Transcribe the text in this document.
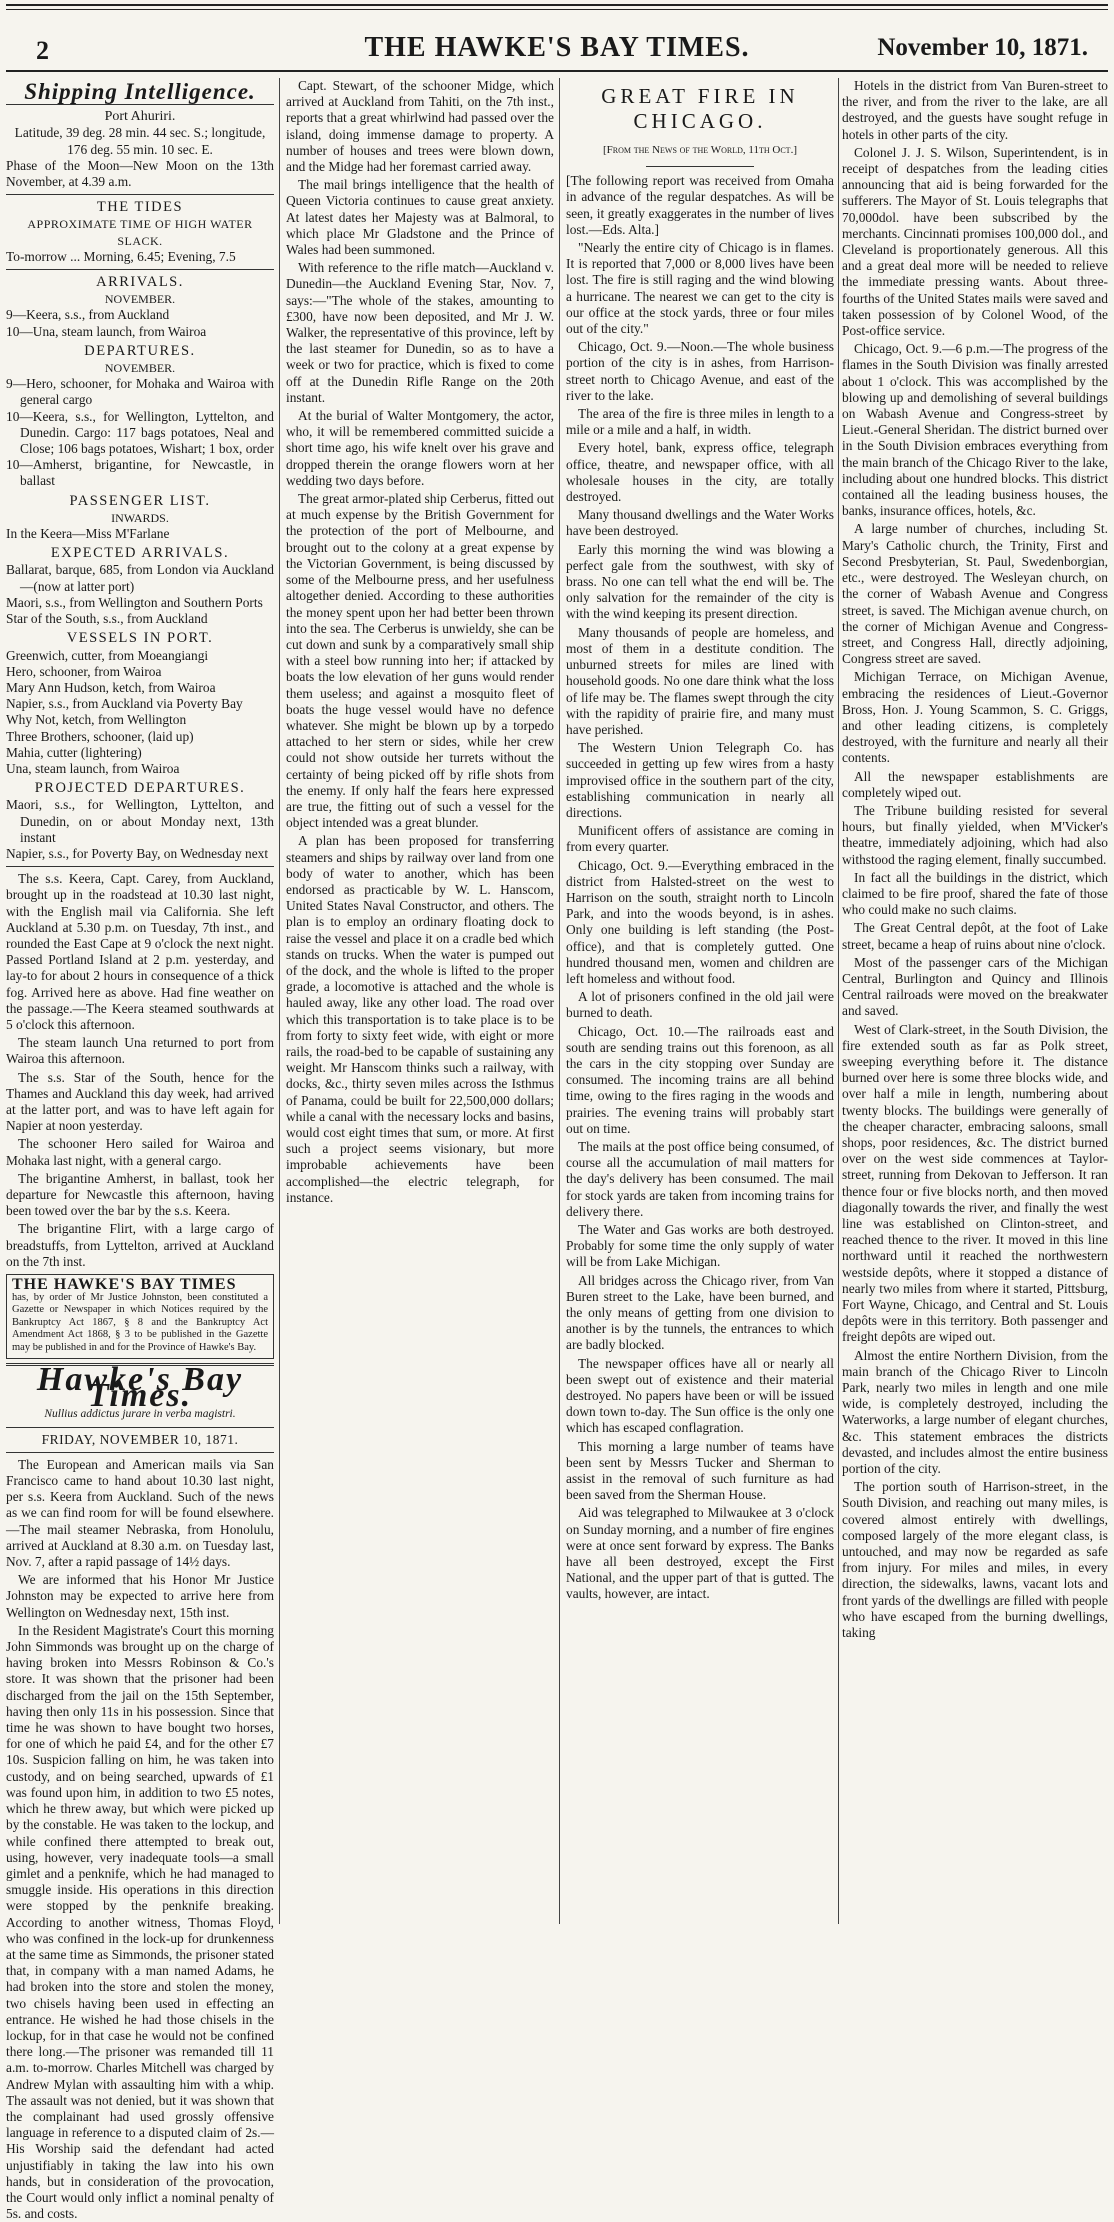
2	THE HAWKE'S BAY TIMES.	November 10, 1871.
Shipping Intelligence.
Port Ahuriri.
Latitude, 39 deg. 28 min. 44 sec. S.; longitude, 176 deg. 55 min. 10 sec. E.
Phase of the Moon—New Moon on the 13th November, at 4.39 a.m.
THE TIDES
APPROXIMATE TIME OF HIGH WATER SLACK.
To-morrow ... Morning, 6.45; Evening, 7.5
ARRIVALS.
NOVEMBER.
9—Keera, s.s., from Auckland
10—Una, steam launch, from Wairoa
DEPARTURES.
NOVEMBER.
9—Hero, schooner, for Mohaka and Wairoa with general cargo
10—Keera, s.s., for Wellington, Lyttelton, and Dunedin. Cargo: 117 bags potatoes, Neal and Close; 106 bags potatoes, Wishart; 1 box, order
10—Amherst, brigantine, for Newcastle, in ballast
PASSENGER LIST.
INWARDS.
In the Keera—Miss M'Farlane
EXPECTED ARRIVALS.
Ballarat, barque, 685, from London via Auckland—(now at latter port)
Maori, s.s., from Wellington and Southern Ports
Star of the South, s.s., from Auckland
VESSELS IN PORT.
Greenwich, cutter, from Moeangiangi
Hero, schooner, from Wairoa
Mary Ann Hudson, ketch, from Wairoa
Napier, s.s., from Auckland via Poverty Bay
Why Not, ketch, from Wellington
Three Brothers, schooner, (laid up)
Mahia, cutter (lightering)
Una, steam launch, from Wairoa
PROJECTED DEPARTURES.
Maori, s.s., for Wellington, Lyttelton, and Dunedin, on or about Monday next, 13th instant
Napier, s.s., for Poverty Bay, on Wednesday next

The s.s. Keera, Capt. Carey, from Auckland, brought up in the roadstead at 10.30 last night, with the English mail via California. She left Auckland at 5.30 p.m. on Tuesday, 7th inst., and rounded the East Cape at 9 o'clock the next night. Passed Portland Island at 2 p.m. yesterday, and lay-to for about 2 hours in consequence of a thick fog. Arrived here as above. Had fine weather on the passage.—The Keera steamed southwards at 5 o'clock this afternoon.

The steam launch Una returned to port from Wairoa this afternoon.

The s.s. Star of the South, hence for the Thames and Auckland this day week, had arrived at the latter port, and was to have left again for Napier at noon yesterday.

The schooner Hero sailed for Wairoa and Mohaka last night, with a general cargo.

The brigantine Amherst, in ballast, took her departure for Newcastle this afternoon, having been towed over the bar by the s.s. Keera.

The brigantine Flirt, with a large cargo of breadstuffs, from Lyttelton, arrived at Auckland on the 7th inst.

THE HAWKE'S BAY TIMES
has, by order of Mr Justice Johnston, been constituted a Gazette or Newspaper in which Notices required by the Bankruptcy Act 1867, § 8 and the Bankruptcy Act Amendment Act 1868, § 3 to be published in the Gazette may be published in and for the Province of Hawke's Bay.
Hawke's Bay Times.
Nullius addictus jurare in verba magistri.
FRIDAY, NOVEMBER 10, 1871.

The European and American mails via San Francisco came to hand about 10.30 last night, per s.s. Keera from Auckland. Such of the news as we can find room for will be found elsewhere. —The mail steamer Nebraska, from Honolulu, arrived at Auckland at 8.30 a.m. on Tuesday last, Nov. 7, after a rapid passage of 14½ days.

We are informed that his Honor Mr Justice Johnston may be expected to arrive here from Wellington on Wednesday next, 15th inst.

In the Resident Magistrate's Court this morning John Simmonds was brought up on the charge of having broken into Messrs Robinson & Co.'s store. It was shown that the prisoner had been discharged from the jail on the 15th September, having then only 11s in his possession. Since that time he was shown to have bought two horses, for one of which he paid £4, and for the other £7 10s. Suspicion falling on him, he was taken into custody, and on being searched, upwards of £1 was found upon him, in addition to two £5 notes, which he threw away, but which were picked up by the constable. He was taken to the lockup, and while confined there attempted to break out, using, however, very inadequate tools—a small gimlet and a penknife, which he had managed to smuggle inside. His operations in this direction were stopped by the penknife breaking. According to another witness, Thomas Floyd, who was confined in the lock-up for drunkenness at the same time as Simmonds, the prisoner stated that, in company with a man named Adams, he had broken into the store and stolen the money, two chisels having been used in effecting an entrance. He wished he had those chisels in the lockup, for in that case he would not be confined there long.—The prisoner was remanded till 11 a.m. to-morrow. Charles Mitchell was charged by Andrew Mylan with assaulting him with a whip. The assault was not denied, but it was shown that the complainant had used grossly offensive language in reference to a disputed claim of 2s.—His Worship said the defendant had acted unjustifiably in taking the law into his own hands, but in consideration of the provocation, the Court would only inflict a nominal penalty of 5s. and costs.

Capt. Stewart, of the schooner Midge, which arrived at Auckland from Tahiti, on the 7th inst., reports that a great whirlwind had passed over the island, doing immense damage to property. A number of houses and trees were blown down, and the Midge had her foremast carried away.

The mail brings intelligence that the health of Queen Victoria continues to cause great anxiety. At latest dates her Majesty was at Balmoral, to which place Mr Gladstone and the Prince of Wales had been summoned.

With reference to the rifle match—Auckland v. Dunedin—the Auckland Evening Star, Nov. 7, says:—"The whole of the stakes, amounting to £300, have now been deposited, and Mr J. W. Walker, the representative of this province, left by the last steamer for Dunedin, so as to have a week or two for practice, which is fixed to come off at the Dunedin Rifle Range on the 20th instant.

At the burial of Walter Montgomery, the actor, who, it will be remembered committed suicide a short time ago, his wife knelt over his grave and dropped therein the orange flowers worn at her wedding two days before.

The great armor-plated ship Cerberus, fitted out at much expense by the British Government for the protection of the port of Melbourne, and brought out to the colony at a great expense by the Victorian Government, is being discussed by some of the Melbourne press, and her usefulness altogether denied. According to these authorities the money spent upon her had better been thrown into the sea. The Cerberus is unwieldy, she can be cut down and sunk by a comparatively small ship with a steel bow running into her; if attacked by boats the low elevation of her guns would render them useless; and against a mosquito fleet of boats the huge vessel would have no defence whatever. She might be blown up by a torpedo attached to her stern or sides, while her crew could not show outside her turrets without the certainty of being picked off by rifle shots from the enemy. If only half the fears here expressed are true, the fitting out of such a vessel for the object intended was a great blunder.

A plan has been proposed for transferring steamers and ships by railway over land from one body of water to another, which has been endorsed as practicable by W. L. Hanscom, United States Naval Constructor, and others. The plan is to employ an ordinary floating dock to raise the vessel and place it on a cradle bed which stands on trucks. When the water is pumped out of the dock, and the whole is lifted to the proper grade, a locomotive is attached and the whole is hauled away, like any other load. The road over which this transportation is to take place is to be from forty to sixty feet wide, with eight or more rails, the road-bed to be capable of sustaining any weight. Mr Hanscom thinks such a railway, with docks, &c., thirty seven miles across the Isthmus of Panama, could be built for 22,500,000 dollars; while a canal with the necessary locks and basins, would cost eight times that sum, or more. At first such a project seems visionary, but more improbable achievements have been accomplished—the electric telegraph, for instance.

GREAT FIRE IN CHICAGO.
[From the News of the World, 11th Oct.]

[The following report was received from Omaha in advance of the regular despatches. As will be seen, it greatly exaggerates in the number of lives lost.—Eds. Alta.]

"Nearly the entire city of Chicago is in flames. It is reported that 7,000 or 8,000 lives have been lost. The fire is still raging and the wind blowing a hurricane. The nearest we can get to the city is our office at the stock yards, three or four miles out of the city."

Chicago, Oct. 9.—Noon.—The whole business portion of the city is in ashes, from Harrison-street north to Chicago Avenue, and east of the river to the lake.

The area of the fire is three miles in length to a mile or a mile and a half, in width.

Every hotel, bank, express office, telegraph office, theatre, and newspaper office, with all wholesale houses in the city, are totally destroyed.

Many thousand dwellings and the Water Works have been destroyed.

Early this morning the wind was blowing a perfect gale from the southwest, with sky of brass. No one can tell what the end will be. The only salvation for the remainder of the city is with the wind keeping its present direction.

Many thousands of people are homeless, and most of them in a destitute condition. The unburned streets for miles are lined with household goods. No one dare think what the loss of life may be. The flames swept through the city with the rapidity of prairie fire, and many must have perished.

The Western Union Telegraph Co. has succeeded in getting up few wires from a hasty improvised office in the southern part of the city, establishing communication in nearly all directions.

Munificent offers of assistance are coming in from every quarter.

Chicago, Oct. 9.—Everything embraced in the district from Halsted-street on the west to Harrison on the south, straight north to Lincoln Park, and into the woods beyond, is in ashes. Only one building is left standing (the Post-office), and that is completely gutted. One hundred thousand men, women and children are left homeless and without food.

A lot of prisoners confined in the old jail were burned to death.

Chicago, Oct. 10.—The railroads east and south are sending trains out this forenoon, as all the cars in the city stopping over Sunday are consumed. The incoming trains are all behind time, owing to the fires raging in the woods and prairies. The evening trains will probably start out on time.

The mails at the post office being consumed, of course all the accumulation of mail matters for the day's delivery has been consumed. The mail for stock yards are taken from incoming trains for delivery there.

The Water and Gas works are both destroyed. Probably for some time the only supply of water will be from Lake Michigan.

All bridges across the Chicago river, from Van Buren street to the Lake, have been burned, and the only means of getting from one division to another is by the tunnels, the entrances to which are badly blocked.

The newspaper offices have all or nearly all been swept out of existence and their material destroyed. No papers have been or will be issued down town to-day. The Sun office is the only one which has escaped conflagration.

This morning a large number of teams have been sent by Messrs Tucker and Sherman to assist in the removal of such furniture as had been saved from the Sherman House.

Aid was telegraphed to Milwaukee at 3 o'clock on Sunday morning, and a number of fire engines were at once sent forward by express. The Banks have all been destroyed, except the First National, and the upper part of that is gutted. The vaults, however, are intact.

Hotels in the district from Van Buren-street to the river, and from the river to the lake, are all destroyed, and the guests have sought refuge in hotels in other parts of the city.

Colonel J. J. S. Wilson, Superintendent, is in receipt of despatches from the leading cities announcing that aid is being forwarded for the sufferers. The Mayor of St. Louis telegraphs that 70,000dol. have been subscribed by the merchants. Cincinnati promises 100,000 dol., and Cleveland is proportionately generous. All this and a great deal more will be needed to relieve the immediate pressing wants. About three-fourths of the United States mails were saved and taken possession of by Colonel Wood, of the Post-office service.

Chicago, Oct. 9.—6 p.m.—The progress of the flames in the South Division was finally arrested about 1 o'clock. This was accomplished by the blowing up and demolishing of several buildings on Wabash Avenue and Congress-street by Lieut.-General Sheridan. The district burned over in the South Division embraces everything from the main branch of the Chicago River to the lake, including about one hundred blocks. This district contained all the leading business houses, the banks, insurance offices, hotels, &c.

A large number of churches, including St. Mary's Catholic church, the Trinity, First and Second Presbyterian, St. Paul, Swedenborgian, etc., were destroyed. The Wesleyan church, on the corner of Wabash Avenue and Congress street, is saved. The Michigan avenue church, on the corner of Michigan Avenue and Congress-street, and Congress Hall, directly adjoining, Congress street are saved.

Michigan Terrace, on Michigan Avenue, embracing the residences of Lieut.-Governor Bross, Hon. J. Young Scammon, S. C. Griggs, and other leading citizens, is completely destroyed, with the furniture and nearly all their contents.

All the newspaper establishments are completely wiped out.

The Tribune building resisted for several hours, but finally yielded, when M'Vicker's theatre, immediately adjoining, which had also withstood the raging element, finally succumbed.

In fact all the buildings in the district, which claimed to be fire proof, shared the fate of those who could make no such claims.

The Great Central depôt, at the foot of Lake street, became a heap of ruins about nine o'clock.

Most of the passenger cars of the Michigan Central, Burlington and Quincy and Illinois Central railroads were moved on the breakwater and saved.

West of Clark-street, in the South Division, the fire extended south as far as Polk street, sweeping everything before it. The distance burned over here is some three blocks wide, and over half a mile in length, numbering about twenty blocks. The buildings were generally of the cheaper character, embracing saloons, small shops, poor residences, &c. The district burned over on the west side commences at Taylor-street, running from Dekovan to Jefferson. It ran thence four or five blocks north, and then moved diagonally towards the river, and finally the west line was established on Clinton-street, and reached thence to the river. It moved in this line northward until it reached the northwestern westside depôts, where it stopped a distance of nearly two miles from where it started, Pittsburg, Fort Wayne, Chicago, and Central and St. Louis depôts were in this territory. Both passenger and freight depôts are wiped out.

Almost the entire Northern Division, from the main branch of the Chicago River to Lincoln Park, nearly two miles in length and one mile wide, is completely destroyed, including the Waterworks, a large number of elegant churches, &c. This statement embraces the districts devasted, and includes almost the entire business portion of the city.

The portion south of Harrison-street, in the South Division, and reaching out many miles, is covered almost entirely with dwellings, composed largely of the more elegant class, is untouched, and may now be regarded as safe from injury. For miles and miles, in every direction, the sidewalks, lawns, vacant lots and front yards of the dwellings are filled with people who have escaped from the burning dwellings, taking
